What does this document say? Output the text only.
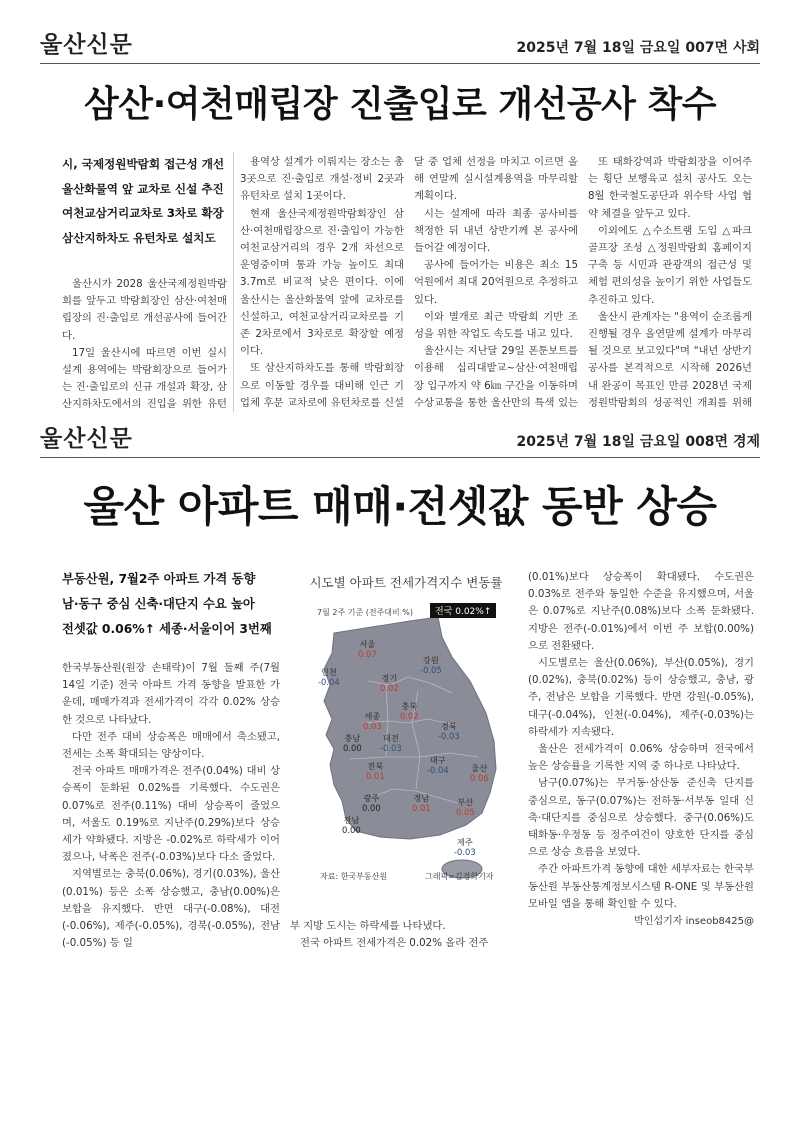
울산신문	2025년 7월 18일 금요일 007면 사회
삼산·여천매립장 진출입로 개선공사 착수
시, 국제정원박람회 접근성 개선
울산화물역 앞 교차로 신설 추진
여천교삼거리교차로 3차로 확장
삼산지하차도 유턴차로 설치도

울산시가 2028 울산국제정원박람회를 앞두고 박람회장인 삼산·여천매립장의 진·출입로 개선공사에 들어간다.

17일 울산시에 따르면 이번 실시설계 용역에는 박람회장으로 들어가는 진·출입로의 신규 개설과 확장, 삼산지하차도에서의 진입을 위한 유턴

용역상 설계가 이뤄지는 장소는 총 3곳으로 진·출입로 개설·정비 2곳과 유턴차로 설치 1곳이다.

현재 울산국제정원박람회장인 삼산·여천매립장으로 진·출입이 가능한 여천교삼거리의 경우 2개 차선으로 운영중이며 통과 가능 높이도 최대 3.7m로 비교적 낮은 편이다. 이에 울산시는 울산화물역 앞에 교차로를 신설하고, 여천교삼거리교차로를 기존 2차로에서 3차로로 확장할 예정이다.

또 삼산지하차도를 통해 박람회장으로 이동할 경우를 대비해 인근 기업체 후문 교차로에 유턴차로를 신설

달 중 업체 선정을 마치고 이르면 올해 연말께 실시설계용역을 마무리할 계획이다.

시는 설계에 따라 최종 공사비를 책정한 뒤 내년 상반기께 본 공사에 들어갈 예정이다.

공사에 들어가는 비용은 최소 15억원에서 최대 20억원으로 추정하고 있다.

이와 별개로 최근 박람회 기반 조성을 위한 작업도 속도를 내고 있다.

울산시는 지난달 29일 폰툰보트를 이용해 십리대밭교~삼산·여천매립장 입구까지 약 6㎞ 구간을 이동하며 수상교통을 통한 울산만의 특색 있는

또 태화강역과 박람회장을 이어주는 횡단 보행육교 설치 공사도 오는 8월 한국철도공단과 위수탁 사업 협약 체결을 앞두고 있다.

이외에도 △수소트램 도입 △파크골프장 조성 △정원박람회 홈페이지 구축 등 시민과 관광객의 접근성 및 체험 편의성을 높이기 위한 사업들도 추진하고 있다.

울산시 관계자는 "용역이 순조롭게 진행될 경우 올연말께 설계가 마무리될 것으로 보고있다"며 "내년 상반기 공사를 본격적으로 시작해 2026년내 완공이 목표인 만큼 2028년 국제정원박람회의 성공적인 개최를 위해

울산신문	2025년 7월 18일 금요일 008면 경제
울산 아파트 매매·전셋값 동반 상승
부동산원, 7월2주 아파트 가격 동향
남·동구 중심 신축·대단지 수요 높아
전셋값 0.06%↑ 세종·서울이어 3번째

한국부동산원(원장 손태락)이 7월 둘째 주(7월 14일 기준) 전국 아파트 가격 동향을 발표한 가운데, 매매가격과 전세가격이 각각 0.02% 상승한 것으로 나타났다.

다만 전주 대비 상승폭은 매매에서 축소됐고, 전세는 소폭 확대되는 양상이다.

전국 아파트 매매가격은 전주(0.04%) 대비 상승폭이 둔화된 0.02%를 기록했다. 수도권은 0.07%로 전주(0.11%) 대비 상승폭이 줄었으며, 서울도 0.19%로 지난주(0.29%)보다 상승세가 약화됐다. 지방은 -0.02%로 하락세가 이어졌으나, 낙폭은 전주(-0.03%)보다 다소 줄었다.

지역별로는 충북(0.06%), 경기(0.03%), 울산(0.01%) 등은 소폭 상승했고, 충남(0.00%)은 보합을 유지했다. 반면 대구(-0.08%), 대전(-0.06%), 제주(-0.05%), 경북(-0.05%), 전남(-0.05%) 등 일

시도별 아파트 전세가격지수 변동률
7월 2주 기준 (전주대비 %)	전국 0.02%↑
서울
0.07
인천
-0.04
강원
-0.05
경기
0.02
충북
0.02
세종
0.03	경북
-0.03
충남
0.00
대전
-0.03
대구
-0.04	울산
0.06
전북
0.01
광주
0.00
경남
0.01
부산
0.05
전남
0.00
제주
-0.03
자료: 한국부동산원	그래픽=김경화기자

부 지방 도시는 하락세를 나타냈다.

전국 아파트 전세가격은 0.02% 올라 전주

(0.01%)보다 상승폭이 확대됐다. 수도권은 0.03%로 전주와 동일한 수준을 유지했으며, 서울은 0.07%로 지난주(0.08%)보다 소폭 둔화됐다. 지방은 전주(-0.01%)에서 이번 주 보합(0.00%)으로 전환됐다.

시도별로는 울산(0.06%), 부산(0.05%), 경기(0.02%), 충북(0.02%) 등이 상승했고, 충남, 광주, 전남은 보합을 기록했다. 반면 강원(-0.05%), 대구(-0.04%), 인천(-0.04%), 제주(-0.03%)는 하락세가 지속됐다.

울산은 전세가격이 0.06% 상승하며 전국에서 높은 상승률을 기록한 지역 중 하나로 나타났다.

남구(0.07%)는 무거동·삼산동 준신축 단지를 중심으로, 동구(0.07%)는 전하동·서부동 일대 신축·대단지를 중심으로 상승했다. 중구(0.06%)도 태화동·우정동 등 정주여건이 양호한 단지를 중심으로 상승 흐름을 보였다.

주간 아파트가격 동향에 대한 세부자료는 한국부동산원 부동산통계정보시스템 R-ONE 및 부동산원 모바일 앱을 통해 확인할 수 있다.

박인섭기자 inseob8425@
